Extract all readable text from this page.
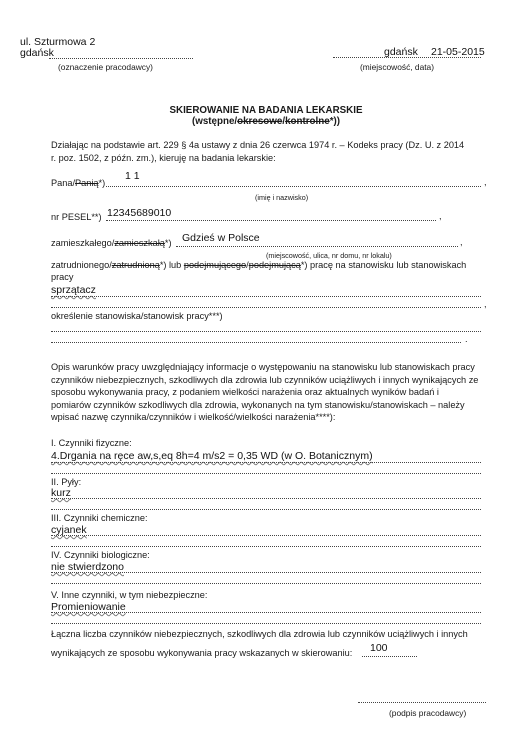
ul. Szturmowa 2
gdańsk
(oznaczenie pracodawcy)
gdańsk 21-05-2015
(miejscowość, data)
SKIEROWANIE NA BADANIA LEKARSKIE
(wstępne/okresowe/kontrolne*))
Działając na podstawie art. 229 § 4a ustawy z dnia 26 czerwca 1974 r. – Kodeks pracy (Dz. U. z 2014
r. poz. 1502, z późn. zm.), kieruję na badania lekarskie:
Pana/Panią*)
1 1	,
(imię i nazwisko)
nr PESEL**) 12345689010	,
zamieszkałego/zamieszkałą*) Gdzieś w Polsce	,
(miejscowość, ulica, nr domu, nr lokalu)
zatrudnionego/zatrudnioną*) lub podejmującego/podejmującą*) pracę na stanowisku lub stanowiskach
pracy
sprzątacz
,
określenie stanowiska/stanowisk pracy***)
.
Opis warunków pracy uwzględniający informacje o występowaniu na stanowisku lub stanowiskach pracy czynników niebezpiecznych, szkodliwych dla zdrowia lub czynników uciążliwych i innych wynikających ze sposobu wykonywania pracy, z podaniem wielkości narażenia oraz aktualnych wyników badań i pomiarów czynników szkodliwych dla zdrowia, wykonanych na tym stanowisku/stanowiskach – należy wpisać nazwę czynnika/czynników i wielkość/wielkości narażenia****):
I. Czynniki fizyczne:
4.Drgania na ręce aw,s,eq 8h=4 m/s2 = 0,35 WD (w O. Botanicznym)
II. Pyły:
kurz
III. Czynniki chemiczne:
cyjanek
IV. Czynniki biologiczne:
nie stwierdzono
V. Inne czynniki, w tym niebezpieczne:
Promieniowanie
Łączna liczba czynników niebezpiecznych, szkodliwych dla zdrowia lub czynników uciążliwych i innych
wynikających ze sposobu wykonywania pracy wskazanych w skierowaniu: 100
(podpis pracodawcy)
